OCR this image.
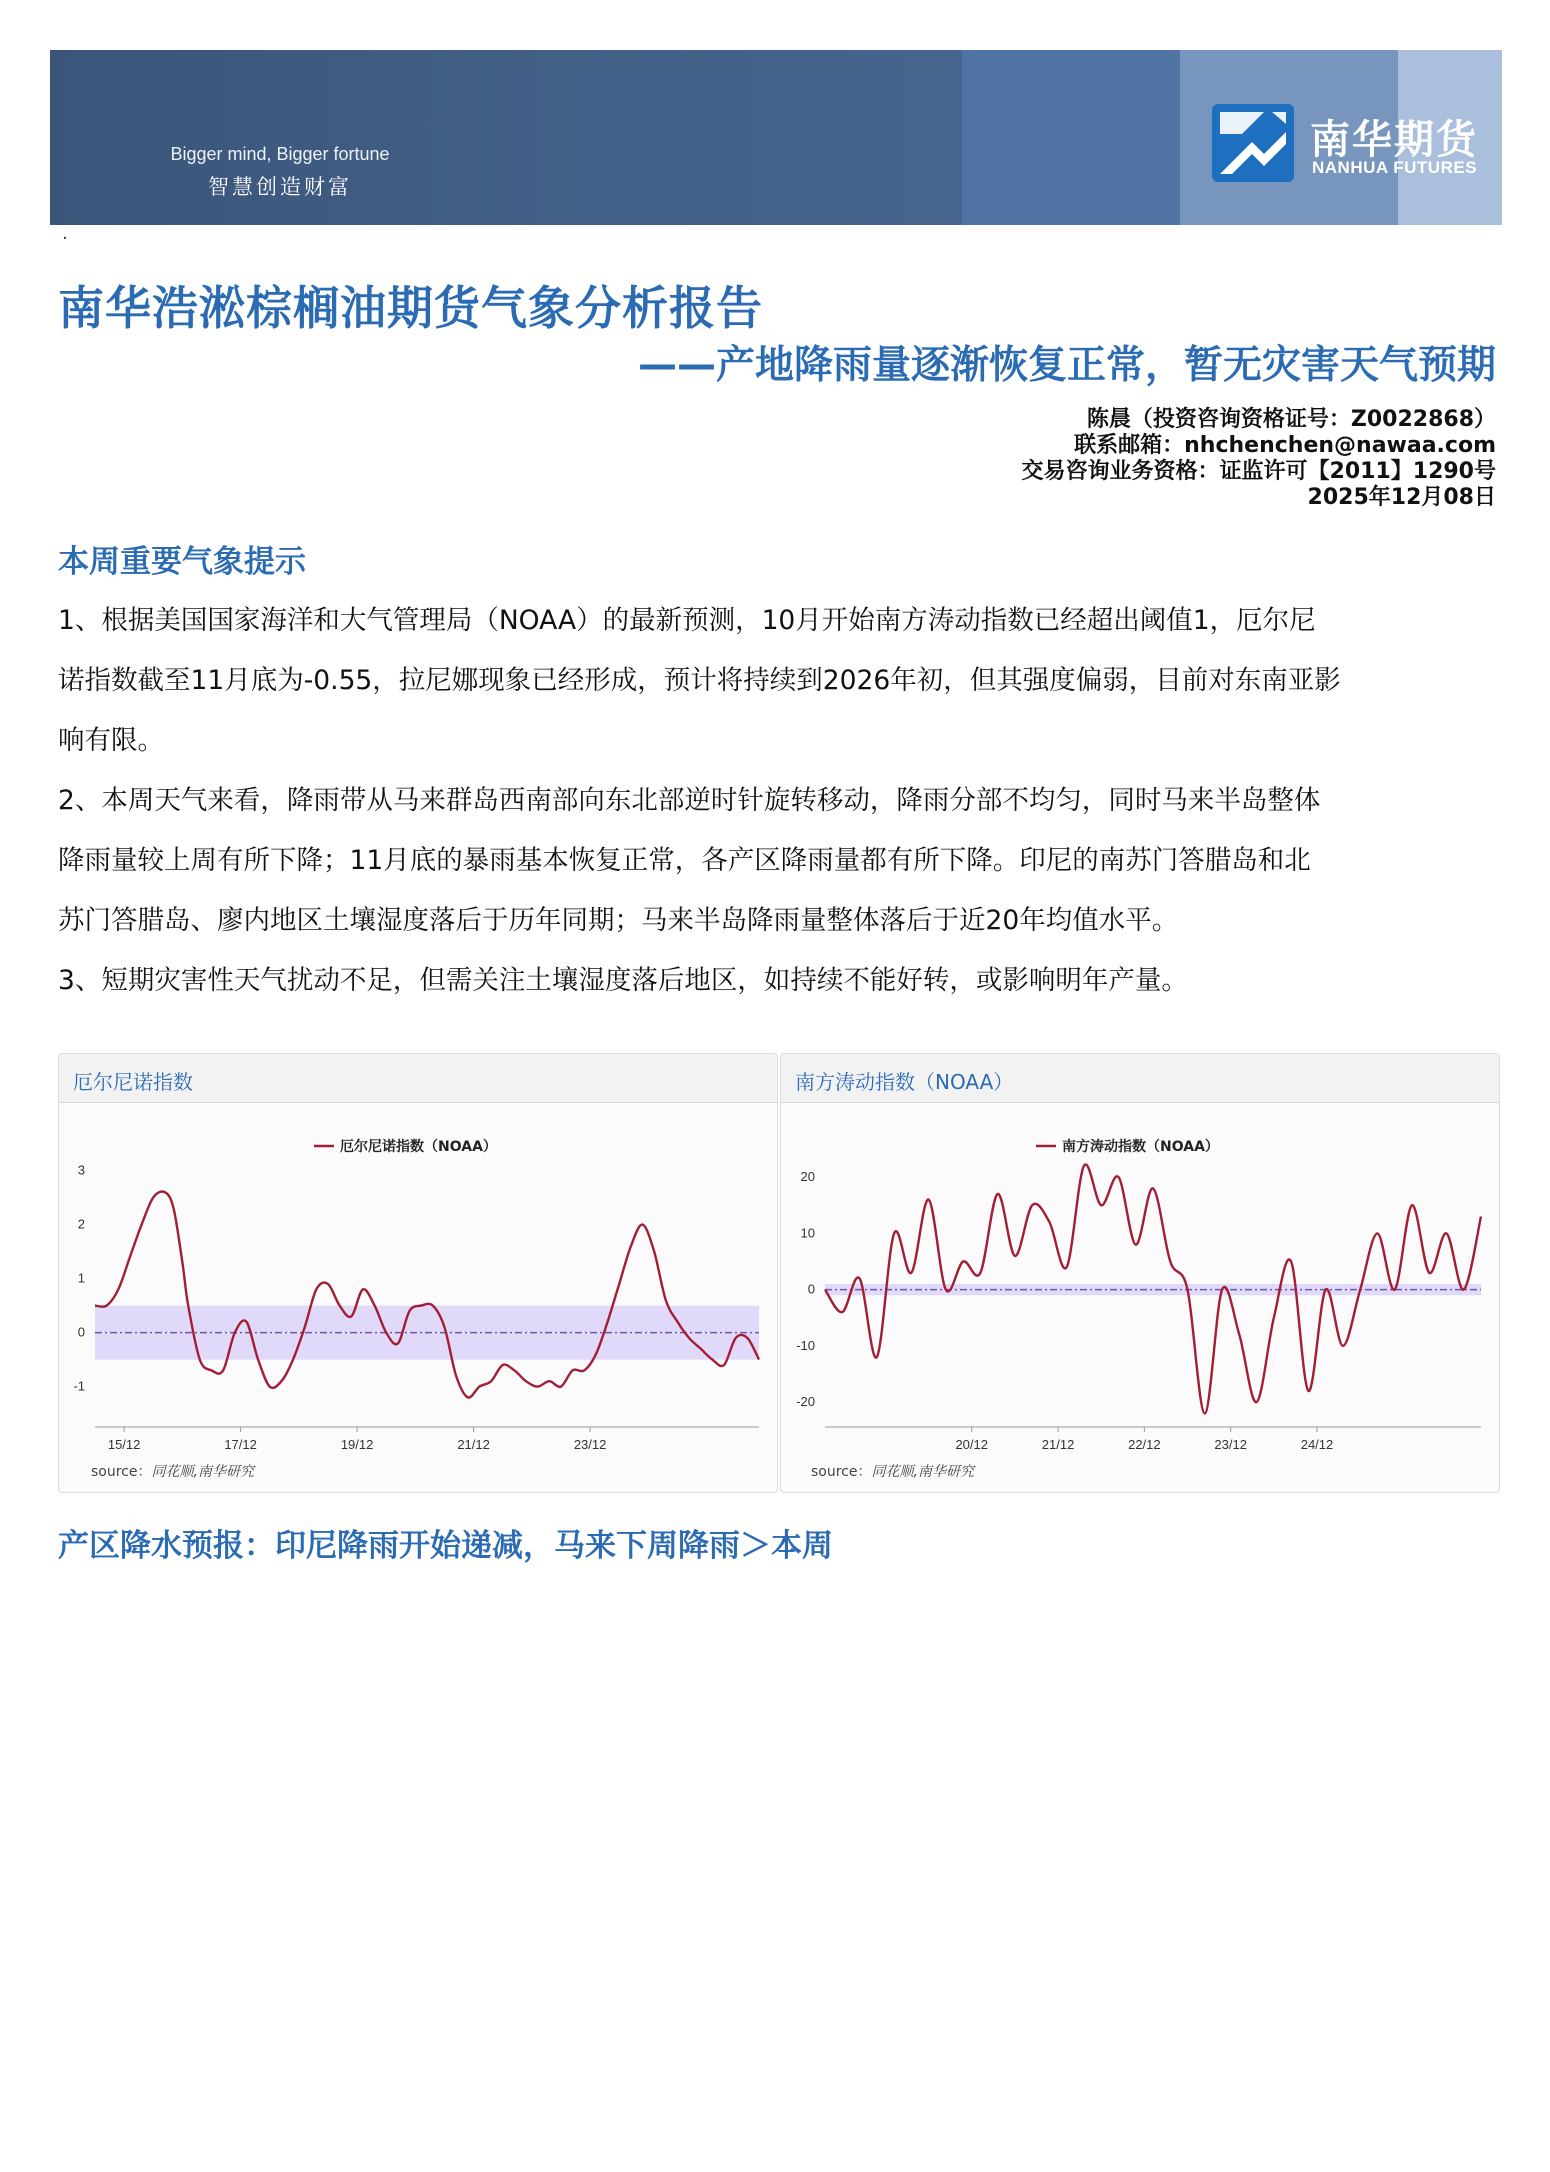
Bigger mind, Bigger fortune
智慧创造财富
南华期货
NANHUA FUTURES
·
南华浩淞棕榈油期货气象分析报告
——产地降雨量逐渐恢复正常，暂无灾害天气预期
陈晨（投资咨询资格证号：Z0022868）
联系邮箱：nhchenchen@nawaa.com
交易咨询业务资格：证监许可【2011】1290号
2025年12月08日
本周重要气象提示
1、根据美国国家海洋和大气管理局（NOAA）的最新预测，10月开始南方涛动指数已经超出阈值1，厄尔尼
诺指数截至11月底为-0.55，拉尼娜现象已经形成，预计将持续到2026年初，但其强度偏弱，目前对东南亚影
响有限。
2、本周天气来看，降雨带从马来群岛西南部向东北部逆时针旋转移动，降雨分部不均匀，同时马来半岛整体
降雨量较上周有所下降；11月底的暴雨基本恢复正常，各产区降雨量都有所下降。印尼的南苏门答腊岛和北
苏门答腊岛、廖内地区土壤湿度落后于历年同期；马来半岛降雨量整体落后于近20年均值水平。
3、短期灾害性天气扰动不足，但需关注土壤湿度落后地区，如持续不能好转，或影响明年产量。
厄尔尼诺指数
3
2
1
0
-1
15/12	17/12	19/12	21/12	23/12
厄尔尼诺指数（NOAA）
source：同花顺,南华研究
南方涛动指数（NOAA）
20
10
0
-10
-20
20/12	21/12	22/12	23/12	24/12
南方涛动指数（NOAA）
source：同花顺,南华研究
产区降水预报：印尼降雨开始递减，马来下周降雨＞本周
